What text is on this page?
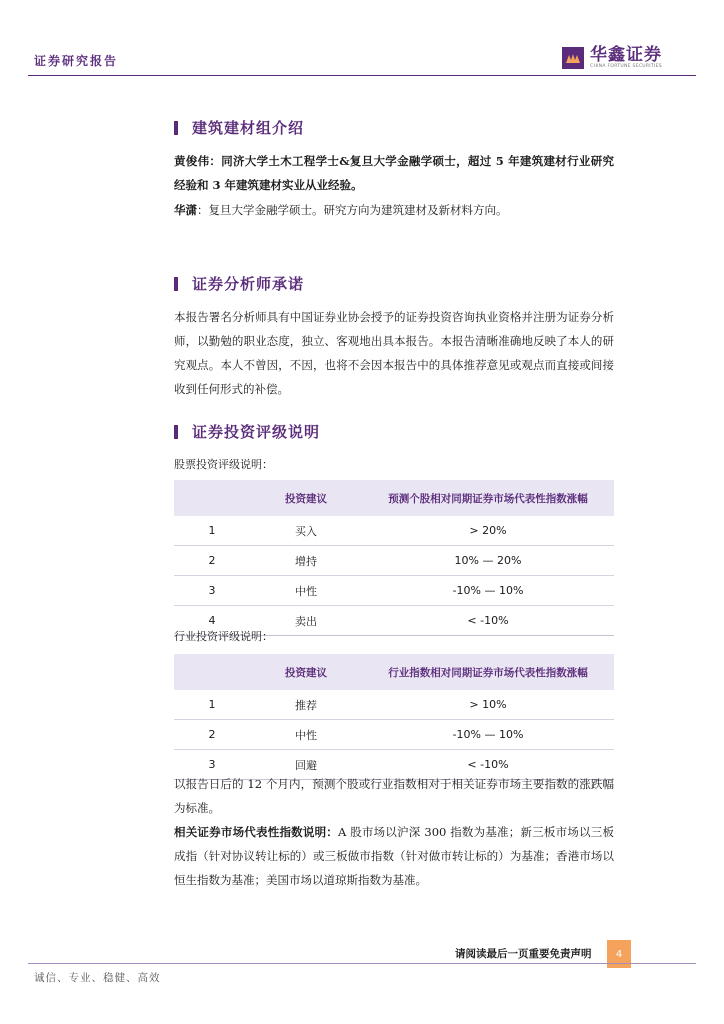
证券研究报告	华鑫证券
CHINA FORTUNE SECURITIES
建筑建材组介绍
黄俊伟：同济大学土木工程学士&复旦大学金融学硕士，超过 5 年建筑建材行业研究经验和 3 年建筑建材实业从业经验。
华潇：复旦大学金融学硕士。研究方向为建筑建材及新材料方向。
证券分析师承诺
本报告署名分析师具有中国证券业协会授予的证券投资咨询执业资格并注册为证券分析师，以勤勉的职业态度，独立、客观地出具本报告。本报告清晰准确地反映了本人的研究观点。本人不曾因，不因，也将不会因本报告中的具体推荐意见或观点而直接或间接收到任何形式的补偿。
证券投资评级说明
股票投资评级说明：
	投资建议	预测个股相对同期证券市场代表性指数涨幅
1	买入	> 20%
2	增持	10% — 20%
3	中性	-10% — 10%
4	卖出	< -10%
行业投资评级说明：
	投资建议	行业指数相对同期证券市场代表性指数涨幅
1	推荐	> 10%
2	中性	-10% — 10%
3	回避	< -10%
以报告日后的 12 个月内，预测个股或行业指数相对于相关证券市场主要指数的涨跌幅为标准。
相关证券市场代表性指数说明：A 股市场以沪深 300 指数为基准；新三板市场以三板成指（针对协议转让标的）或三板做市指数（针对做市转让标的）为基准；香港市场以恒生指数为基准；美国市场以道琼斯指数为基准。
请阅读最后一页重要免责声明	4
诚信、专业、稳健、高效
